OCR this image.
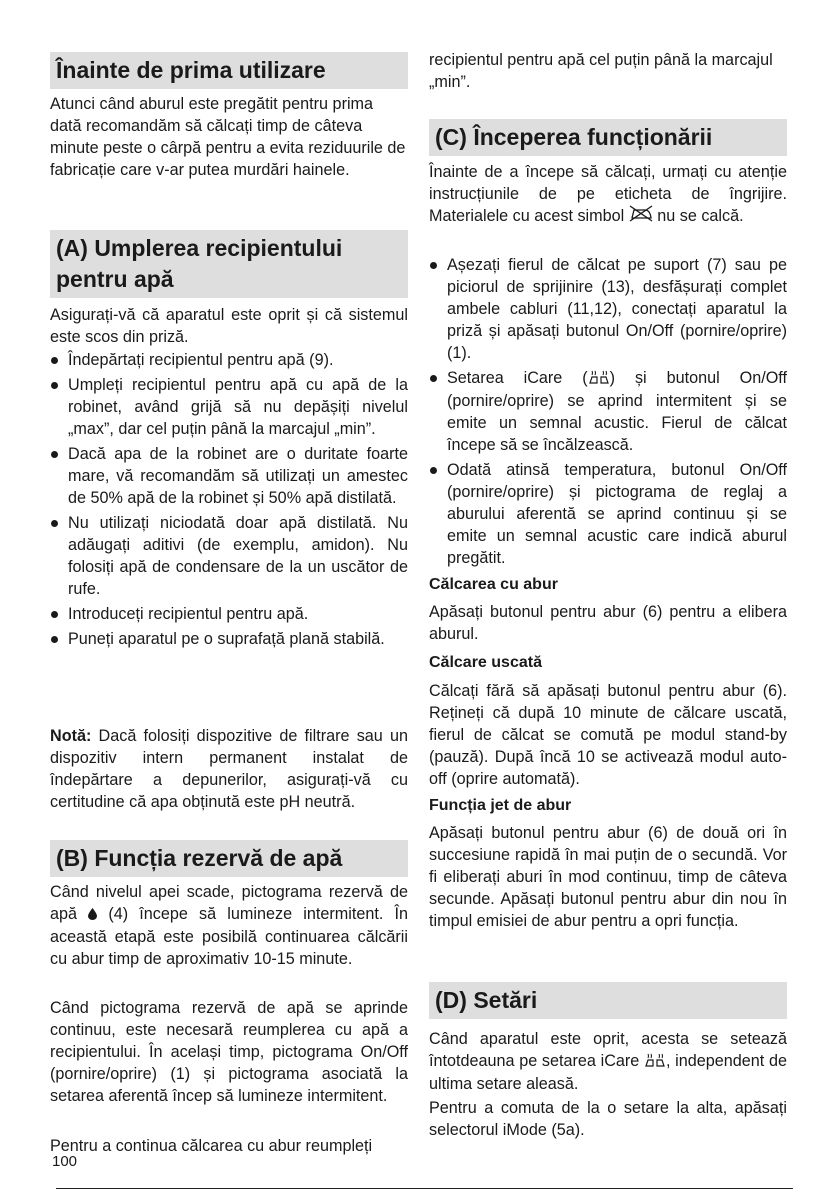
Înainte de prima utilizare

Atunci când aburul este pregătit pentru prima dată recomandăm să călcați timp de câteva minute peste o cârpă pentru a evita reziduurile de fabricație care v-ar putea murdări hainele.

(A) Umplerea recipientului pentru apă

Asigurați-vă că aparatul este oprit și că sistemul este scos din priză.

Îndepărtați recipientul pentru apă (9).
Umpleți recipientul pentru apă cu apă de la robinet, având grijă să nu depășiți nivelul „max”, dar cel puțin până la marcajul „min”.
Dacă apa de la robinet are o duritate foarte mare, vă recomandăm să utilizați un amestec de 50% apă de la robinet și 50% apă distilată.
Nu utilizați niciodată doar apă distilată. Nu adăugați aditivi (de exemplu, amidon). Nu folosiți apă de condensare de la un uscător de rufe.
Introduceți recipientul pentru apă.
Puneți aparatul pe o suprafață plană stabilă.

Notă: Dacă folosiți dispozitive de filtrare sau un dispozitiv intern permanent instalat de îndepărtare a depunerilor, asigurați-vă cu certitudine că apa obținută este pH neutră.

(B) Funcția rezervă de apă

Când nivelul apei scade, pictograma rezervă de apă  (4) începe să lumineze intermitent. În această etapă este posibilă continuarea călcării cu abur timp de aproximativ 10-15 minute.

Când pictograma rezervă de apă se aprinde continuu, este necesară reumplerea cu apă a recipientului. În același timp, pictograma On/Off (pornire/oprire) (1) și pictograma asociată la setarea aferentă încep să lumineze intermitent.

Pentru a continua călcarea cu abur reumpleți

100

recipientul pentru apă cel puțin până la marcajul „min”.

(C) Începerea funcționării

Înainte de a începe să călcați, urmați cu atenție instrucțiunile de pe eticheta de îngrijire. Materialele cu acest simbol  nu se calcă.

Așezați fierul de călcat pe suport (7) sau pe piciorul de sprijinire (13), desfășurați complet ambele cabluri (11,12), conectați aparatul la priză și apăsați butonul On/Off (pornire/oprire) (1).
Setarea iCare ( ) și butonul On/Off (pornire/oprire) se aprind intermitent și se emite un semnal acustic. Fierul de călcat începe să se încălzească.
Odată atinsă temperatura, butonul On/Off (pornire/oprire) și pictograma de reglaj a aburului aferentă se aprind continuu și se emite un semnal acustic care indică aburul pregătit.

Călcarea cu abur

Apăsați butonul pentru abur (6) pentru a elibera aburul.

Călcare uscată

Călcați fără să apăsați butonul pentru abur (6). Rețineți că după 10 minute de călcare uscată, fierul de călcat se comută pe modul stand-by (pauză). După încă 10 se activează modul auto-off (oprire automată).

Funcția jet de abur

Apăsați butonul pentru abur (6) de două ori în succesiune rapidă în mai puțin de o secundă. Vor fi eliberați aburi în mod continuu, timp de câteva secunde. Apăsați butonul pentru abur din nou în timpul emisiei de abur pentru a opri funcția.

(D) Setări

Când aparatul este oprit, acesta se setează întotdeauna pe setarea iCare , independent de ultima setare aleasă.

Pentru a comuta de la o setare la alta, apăsați selectorul iMode (5a).
